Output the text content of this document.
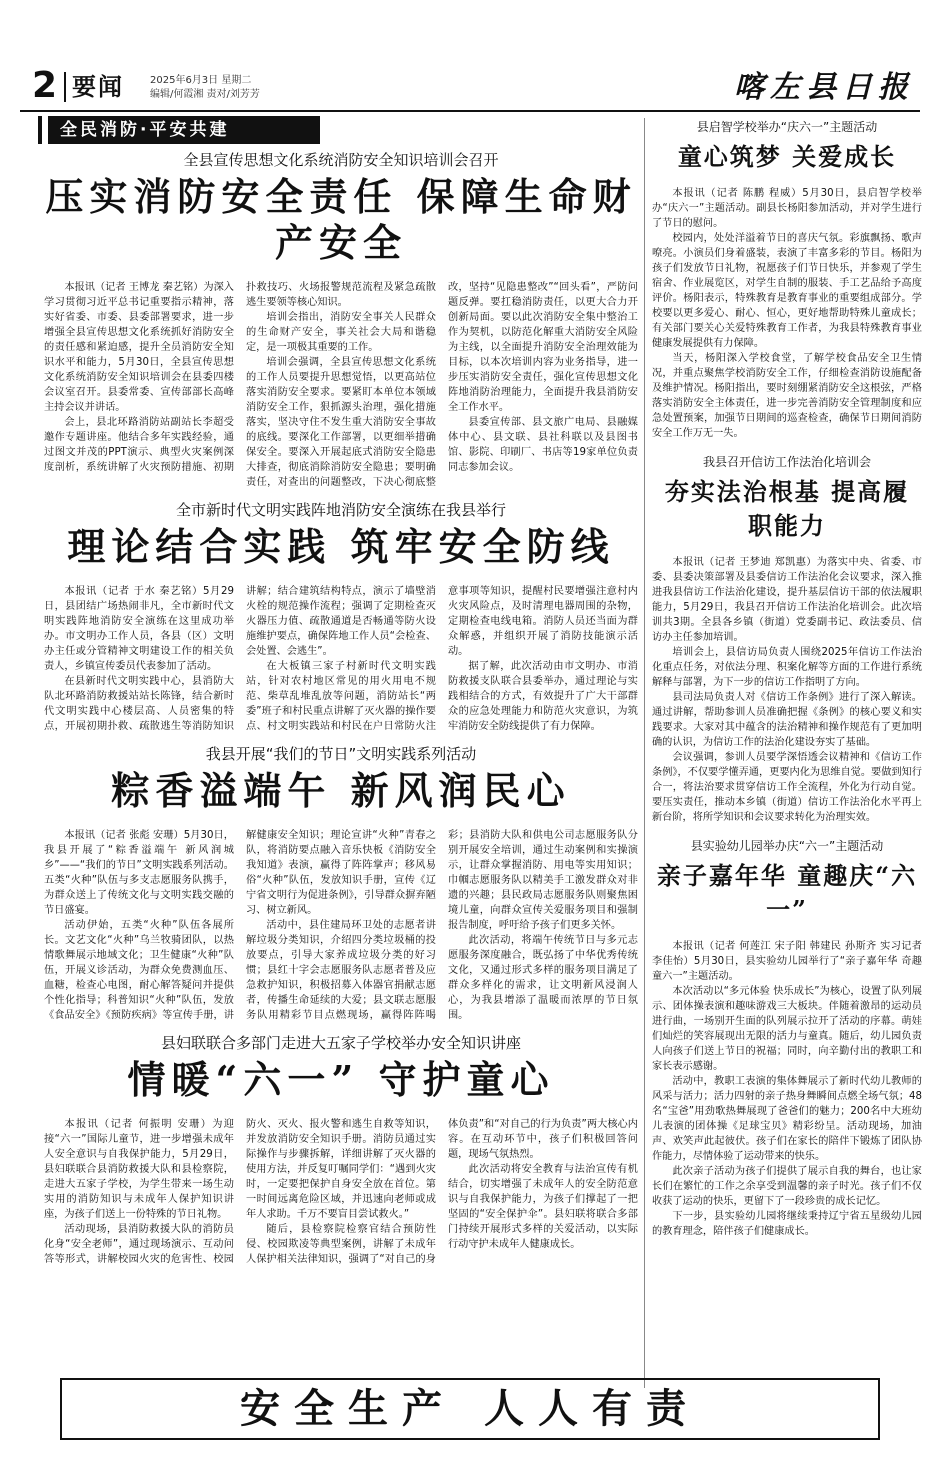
2 要闻	2025年6月3日 星期二
编辑/何霞湘 责对/刘芳芳	喀左县日报
全民消防·平安共建
全县宣传思想文化系统消防安全知识培训会召开
压实消防安全责任 保障生命财产安全

本报讯（记者 王博龙 秦艺铭）为深入学习贯彻习近平总书记重要指示精神，落实好省委、市委、县委部署要求，进一步增强全县宣传思想文化系统抓好消防安全的责任感和紧迫感，提升全员消防安全知识水平和能力，5月30日，全县宣传思想文化系统消防安全知识培训会在县委四楼会议室召开。县委常委、宣传部部长高峰主持会议并讲话。

会上，县北环路消防站副站长李超受邀作专题讲座。他结合多年实践经验，通过图文并茂的PPT演示、典型火灾案例深度剖析，系统讲解了火灾预防措施、初期扑救技巧、火场报警规范流程及紧急疏散逃生要领等核心知识。

培训会指出，消防安全事关人民群众的生命财产安全，事关社会大局和谐稳定，是一项极其重要的工作。

培训会强调，全县宣传思想文化系统的工作人员要提升思想觉悟，以更高站位落实消防安全要求。要紧盯本单位本领域消防安全工作，狠抓源头治理，强化措施落实，坚决守住不发生重大消防安全事故的底线。要深化工作部署，以更细举措确保安全。要深入开展起底式消防安全隐患大排查，彻底消除消防安全隐患；要明确责任，对查出的问题整改，下决心彻底整改，坚持“见隐患整改”“回头看”，严防问题反弹。要扛稳消防责任，以更大合力开创新局面。要以此次消防安全集中整治工作为契机，以防范化解重大消防安全风险为主线，以全面提升消防安全治理效能为目标，以本次培训内容为业务指导，进一步压实消防安全责任，强化宣传思想文化阵地消防治理能力，全面提升我县消防安全工作水平。

县委宣传部、县文旅广电局、县融媒体中心、县文联、县社科联以及县图书馆、影院、印刷厂、书店等19家单位负责同志参加会议。

全市新时代文明实践阵地消防安全演练在我县举行
理论结合实践 筑牢安全防线

本报讯（记者 于水 秦艺铭）5月29日，县团结广场热闹非凡，全市新时代文明实践阵地消防安全演练在这里成功举办。市文明办工作人员，各县（区）文明办主任或分管精神文明建设工作的相关负责人，乡镇宣传委员代表参加了活动。

在县新时代文明实践中心，县消防大队北环路消防救援站站长陈锋，结合新时代文明实践中心楼层高、人员密集的特点，开展初期扑救、疏散逃生等消防知识讲解；结合建筑结构特点，演示了墙壁消火栓的规范操作流程；强调了定期检查灭火器压力值、疏散通道是否畅通等防火设施维护要点，确保阵地工作人员“会检查、会处置、会逃生”。

在大板镇三家子村新时代文明实践站，针对农村地区常见的用火用电不规范、柴草乱堆乱放等问题，消防站长“两委”班子和村民重点讲解了灭火器的操作要点、村文明实践站和村民在户日常防火注意事项等知识，提醒村民要增强注意村内火灾风险点，及时清理电器周围的杂物，定期检查电线电箱。消防人员还当面为群众解惑，并组织开展了消防技能演示活动。

据了解，此次活动由市文明办、市消防救援支队联合县委举办，通过理论与实践相结合的方式，有效提升了广大干部群众的应急处理能力和防范火灾意识，为筑牢消防安全防线提供了有力保障。

我县开展“我们的节日”文明实践系列活动
粽香溢端午 新风润民心

本报讯（记者 张彪 安珊）5月30日，我县开展了“粽香溢端午 新风润城乡”——“我们的节日”文明实践系列活动。五类“火种”队伍与多支志愿服务队携手，为群众送上了传统文化与文明实践交融的节日盛宴。

活动伊始，五类“火种”队伍各展所长。文艺文化“火种”乌兰牧骑团队，以热情歌舞展示地域文化；卫生健康“火种”队伍，开展义诊活动，为群众免费测血压、血糖，检查心电图，耐心解答疑问并提供个性化指导；科普知识“火种”队伍，发放《食品安全》《预防疾病》等宣传手册，讲解健康安全知识；理论宣讲“火种”青春之队，将消防要点融入音乐快板《消防安全我知道》表演，赢得了阵阵掌声；移风易俗“火种”队伍，发放知识手册，宣传《辽宁省文明行为促进条例》，引导群众摒弃陋习、树立新风。

活动中，县住建局环卫处的志愿者讲解垃圾分类知识，介绍四分类垃圾桶的投放要点，引导大家养成垃圾分类的好习惯；县红十字会志愿服务队志愿者普及应急救护知识，积极招募入体器官捐献志愿者，传播生命延续的大爱；县文联志愿服务队用精彩节目点燃现场，赢得阵阵喝彩；县消防大队和供电公司志愿服务队分别开展安全培训，通过生动案例和实操演示，让群众掌握消防、用电等实用知识；巾帼志愿服务队以精美手工激发群众对非遗的兴趣；县民政局志愿服务队则聚焦困境儿童，向群众宣传关爱服务项目和强制报告制度，呼吁给予孩子们更多关怀。

此次活动，将端午传统节日与多元志愿服务深度融合，既弘扬了中华优秀传统文化，又通过形式多样的服务项目满足了群众多样化的需求，让文明新风浸润人心，为我县增添了温暖而浓厚的节日氛围。

县妇联联合多部门走进大五家子学校举办安全知识讲座
情暖“六一” 守护童心

本报讯（记者 何振明 安珊）为迎接“六一”国际儿童节，进一步增强未成年人安全意识与自我保护能力，5月29日，县妇联联合县消防救援大队和县检察院，走进大五家子学校，为学生带来一场生动实用的消防知识与未成年人保护知识讲座，为孩子们送上一份特殊的节日礼物。

活动现场，县消防救援大队的消防员化身“安全老师”，通过现场演示、互动问答等形式，讲解校园火灾的危害性、校园防火、灭火、报火警和逃生自救等知识，并发放消防安全知识手册。消防员通过实际操作与步骤拆解，详细讲解了灭火器的使用方法，并反复叮嘱同学们：“遇到火灾时，一定要把保护自身安全放在首位。第一时间远离危险区域，并迅速向老师或成年人求助。千万不要盲目尝试救火。”

随后，县检察院检察官结合预防性侵、校园欺凌等典型案例，讲解了未成年人保护相关法律知识，强调了“对自己的身体负责”和“对自己的行为负责”两大核心内容。在互动环节中，孩子们积极回答问题，现场气氛热烈。

此次活动将安全教育与法治宣传有机结合，切实增强了未成年人的安全防范意识与自我保护能力，为孩子们撑起了一把坚固的“安全保护伞”。县妇联将联合多部门持续开展形式多样的关爱活动，以实际行动守护未成年人健康成长。

县启智学校举办“庆六一”主题活动
童心筑梦 关爱成长

本报讯（记者 陈鹏 程威）5月30日，县启智学校举办“庆六一”主题活动。副县长杨阳参加活动，并对学生进行了节日的慰问。

校园内，处处洋溢着节日的喜庆气氛。彩旗飘扬、歌声嘹亮。小演员们身着盛装，表演了丰富多彩的节目。杨阳为孩子们发放节日礼物，祝愿孩子们节日快乐，并参观了学生宿舍、作业展览区，对学生自制的服装、手工艺品给予高度评价。杨阳表示，特殊教育是教育事业的重要组成部分。学校要以更多爱心、耐心、恒心，更好地帮助特殊儿童成长；有关部门要关心关爱特殊教育工作者，为我县特殊教育事业健康发展提供有力保障。

当天，杨阳深入学校食堂，了解学校食品安全卫生情况，并重点聚焦学校消防安全工作，仔细检查消防设施配备及维护情况。杨阳指出，要时刻绷紧消防安全这根弦，严格落实消防安全主体责任，进一步完善消防安全管理制度和应急处置预案，加强节日期间的巡查检查，确保节日期间消防安全工作万无一失。

我县召开信访工作法治化培训会
夯实法治根基 提高履职能力

本报讯（记者 王梦迪 郑凯惠）为落实中央、省委、市委、县委决策部署及县委信访工作法治化会议要求，深入推进我县信访工作法治化建设，提升基层信访干部的依法履职能力，5月29日，我县召开信访工作法治化培训会。此次培训共3期。全县各乡镇（街道）党委副书记、政法委员、信访办主任参加培训。

培训会上，县信访局负责人围绕2025年信访工作法治化重点任务，对依法分理、积案化解等方面的工作进行系统解释与部署，为下一步的信访工作指明了方向。

县司法局负责人对《信访工作条例》进行了深入解读。通过讲解，帮助参训人员准确把握《条例》的核心要义和实践要求。大家对其中蕴含的法治精神和操作规范有了更加明确的认识，为信访工作的法治化建设夯实了基础。

会议强调，参训人员要学深悟透会议精神和《信访工作条例》，不仅要学懂弄通，更要内化为思维自觉。要做到知行合一，将法治要求贯穿信访工作全流程，外化为行动自觉。要压实责任，推动本乡镇（街道）信访工作法治化水平再上新台阶，将所学知识和会议要求转化为治理实效。

县实验幼儿园举办庆“六一”主题活动
亲子嘉年华 童趣庆“六一”

本报讯（记者 何莲江 宋子阳 韩建民 孙斯齐 实习记者 李佳怡）5月30日，县实验幼儿园举行了“亲子嘉年华 奇趣童六一”主题活动。

本次活动以“多元体验 快乐成长”为核心，设置了队列展示、团体操表演和趣味游戏三大板块。伴随着激昂的运动员进行曲，一场别开生面的队列展示拉开了活动的序幕。萌娃们灿烂的笑容展现出无限的活力与童真。随后，幼儿园负责人向孩子们送上节日的祝福；同时，向辛勤付出的教职工和家长表示感谢。

活动中，教职工表演的集体舞展示了新时代幼儿教师的风采与活力；活力四射的亲子热身舞瞬间点燃全场气氛；48名“宝爸”用劲歌热舞展现了爸爸们的魅力；200名中大班幼儿表演的团体操《足球宝贝》精彩纷呈。活动现场，加油声、欢笑声此起彼伏。孩子们在家长的陪伴下锻炼了团队协作能力，尽情体验了运动带来的快乐。

此次亲子活动为孩子们提供了展示自我的舞台，也让家长们在繁忙的工作之余享受到温馨的亲子时光。孩子们不仅收获了运动的快乐，更留下了一段珍贵的成长记忆。

下一步，县实验幼儿园将继续秉持辽宁省五星级幼儿园的教育理念，陪伴孩子们健康成长。

安全生产 人人有责
